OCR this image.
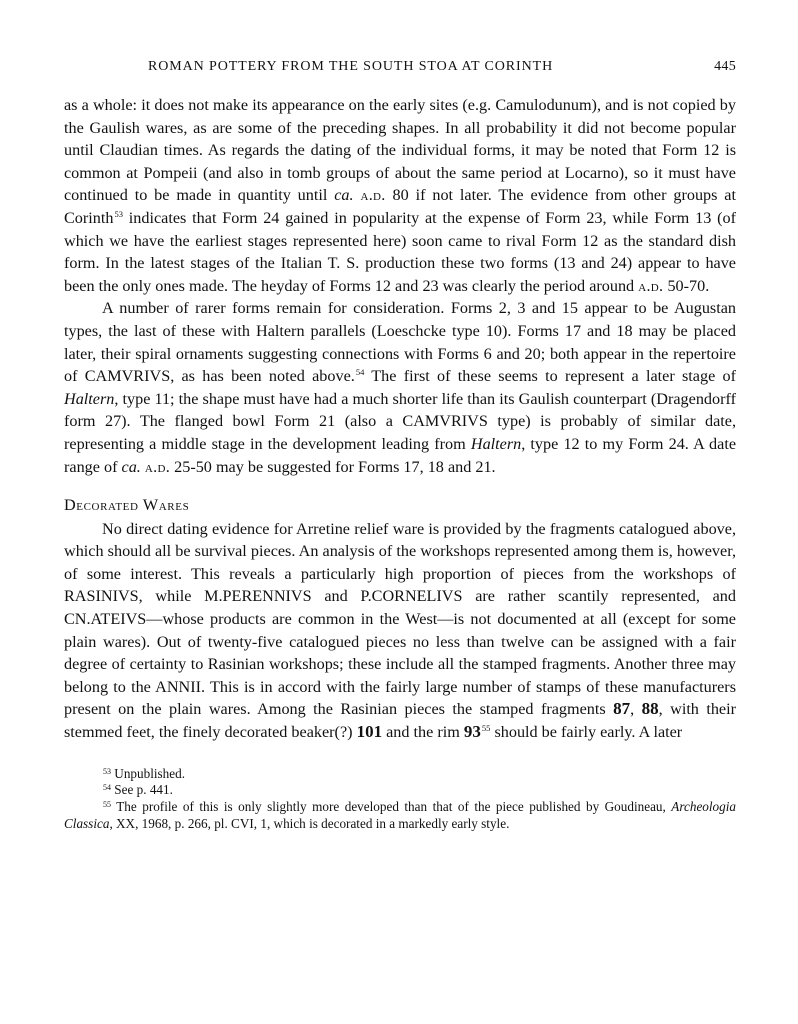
ROMAN POTTERY FROM THE SOUTH STOA AT CORINTH	445

as a whole: it does not make its appearance on the early sites (e.g. Camulodunum), and is not copied by the Gaulish wares, as are some of the preceding shapes. In all probability it did not become popular until Claudian times. As regards the dating of the individual forms, it may be noted that Form 12 is common at Pompeii (and also in tomb groups of about the same period at Locarno), so it must have continued to be made in quantity until ca. a.d. 80 if not later. The evidence from other groups at Corinth$^{53}$ indicates that Form 24 gained in popularity at the expense of Form 23, while Form 13 (of which we have the earliest stages represented here) soon came to rival Form 12 as the standard dish form. In the latest stages of the Italian T. S. production these two forms (13 and 24) appear to have been the only ones made. The heyday of Forms 12 and 23 was clearly the period around a.d. 50-70.

A number of rarer forms remain for consideration. Forms 2, 3 and 15 appear to be Augustan types, the last of these with Haltern parallels (Loeschcke type 10). Forms 17 and 18 may be placed later, their spiral ornaments suggesting connections with Forms 6 and 20; both appear in the repertoire of CAMVRIVS, as has been noted above.$^{54}$ The first of these seems to represent a later stage of Haltern, type 11; the shape must have had a much shorter life than its Gaulish counterpart (Dragendorff form 27). The flanged bowl Form 21 (also a CAMVRIVS type) is probably of similar date, representing a middle stage in the development leading from Haltern, type 12 to my Form 24. A date range of ca. a.d. 25-50 may be suggested for Forms 17, 18 and 21.

Decorated Wares

No direct dating evidence for Arretine relief ware is provided by the fragments catalogued above, which should all be survival pieces. An analysis of the workshops represented among them is, however, of some interest. This reveals a particularly high proportion of pieces from the workshops of RASINIVS, while M.PERENNIVS and P.CORNELIVS are rather scantily represented, and CN.ATEIVS—whose products are common in the West—is not documented at all (except for some plain wares). Out of twenty-five catalogued pieces no less than twelve can be assigned with a fair degree of certainty to Rasinian workshops; these include all the stamped fragments. Another three may belong to the ANNII. This is in accord with the fairly large number of stamps of these manufacturers present on the plain wares. Among the Rasinian pieces the stamped fragments 87, 88, with their stemmed feet, the finely decorated beaker(?) 101 and the rim $93^{55}$ should be fairly early. A later

$^{53}$ Unpublished.
$^{54}$ See p. 441.
$^{55}$ The profile of this is only slightly more developed than that of the piece published by Goudineau, Archeologia Classica, XX, 1968, p. 266, pl. CVI, 1, which is decorated in a markedly early style.
